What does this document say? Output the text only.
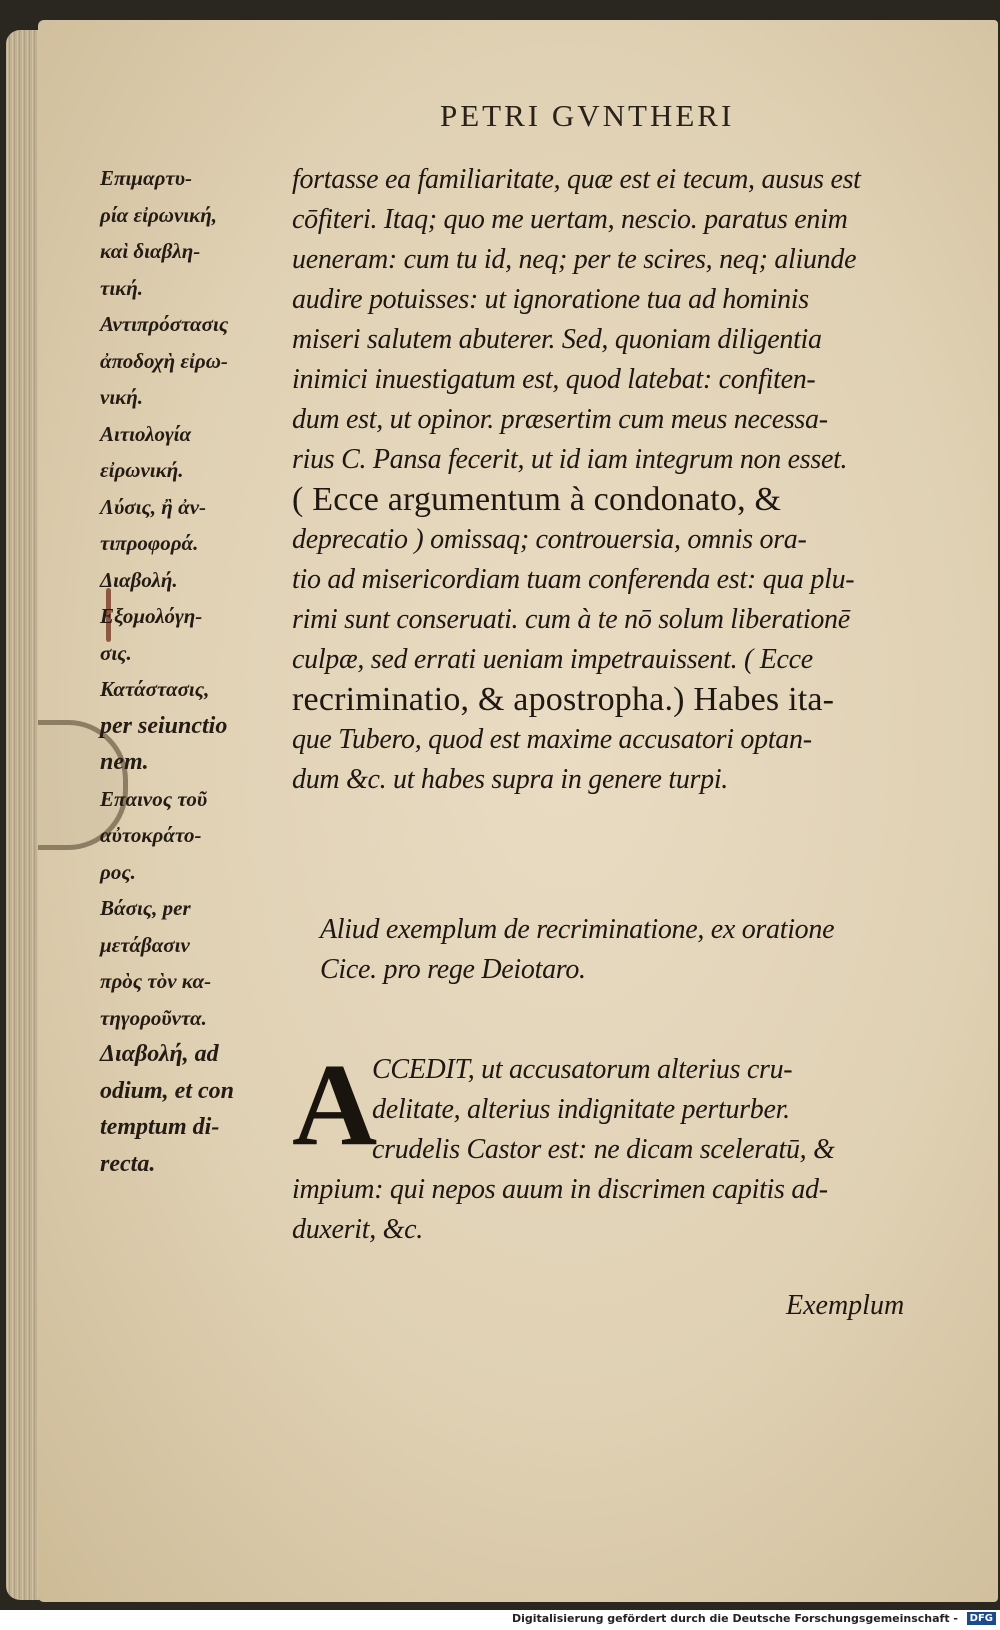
PETRI GVNTHERI
Επιμαρτυ-
ρία εἰρωνική,
καὶ διαβλη-
τική.
Αντιπρόστασις
ἀποδοχὴ εἰρω-
νική.
Αιτιολογία
εἰρωνική.
Λύσις, ἢ ἀν-
τιπροφορά.
Διαβολή.
Εξομολόγη-
σις.
Κατάστασις,
per seiunctio
nem.
Επαινος τοῦ
αὐτοκράτο-
ρος.
Βάσις, per
μετάβασιν
πρὸς τὸν κα-
τηγοροῦντα.
Διαβολή, ad
odium, et con
temptum di-
recta.
fortasse ea familiaritate, quæ est ei tecum, ausus est
cōfiteri. Itaq; quo me uertam, nescio. paratus enim
ueneram: cum tu id, neq; per te scires, neq; aliunde
audire potuisses: ut ignoratione tua ad hominis
miseri salutem abuterer. Sed, quoniam diligentia
inimici inuestigatum est, quod latebat: confiten-
dum est, ut opinor. præsertim cum meus necessa-
rius C. Pansa fecerit, ut id iam integrum non esset.
( Ecce argumentum à condonato, &
deprecatio ) omissaq; controuersia, omnis ora-
tio ad misericordiam tuam conferenda est: qua plu-
rimi sunt conseruati. cum à te nō solum liberationē
culpæ, sed errati ueniam impetrauissent. ( Ecce
recriminatio, & apostropha.) Habes ita-
que Tubero, quod est maxime accusatori optan-
dum &c. ut habes supra in genere turpi.
Aliud exemplum de recriminatione, ex oratione
Cice. pro rege Deiotaro.
A
CCEDIT, ut accusatorum alterius cru-
delitate, alterius indignitate perturber.
crudelis Castor est: ne dicam sceleratū, &
impium: qui nepos auum in discrimen capitis ad-
duxerit, &c.
Exemplum
Digitalisierung gefördert durch die Deutsche Forschungsgemeinschaft -	DFG
